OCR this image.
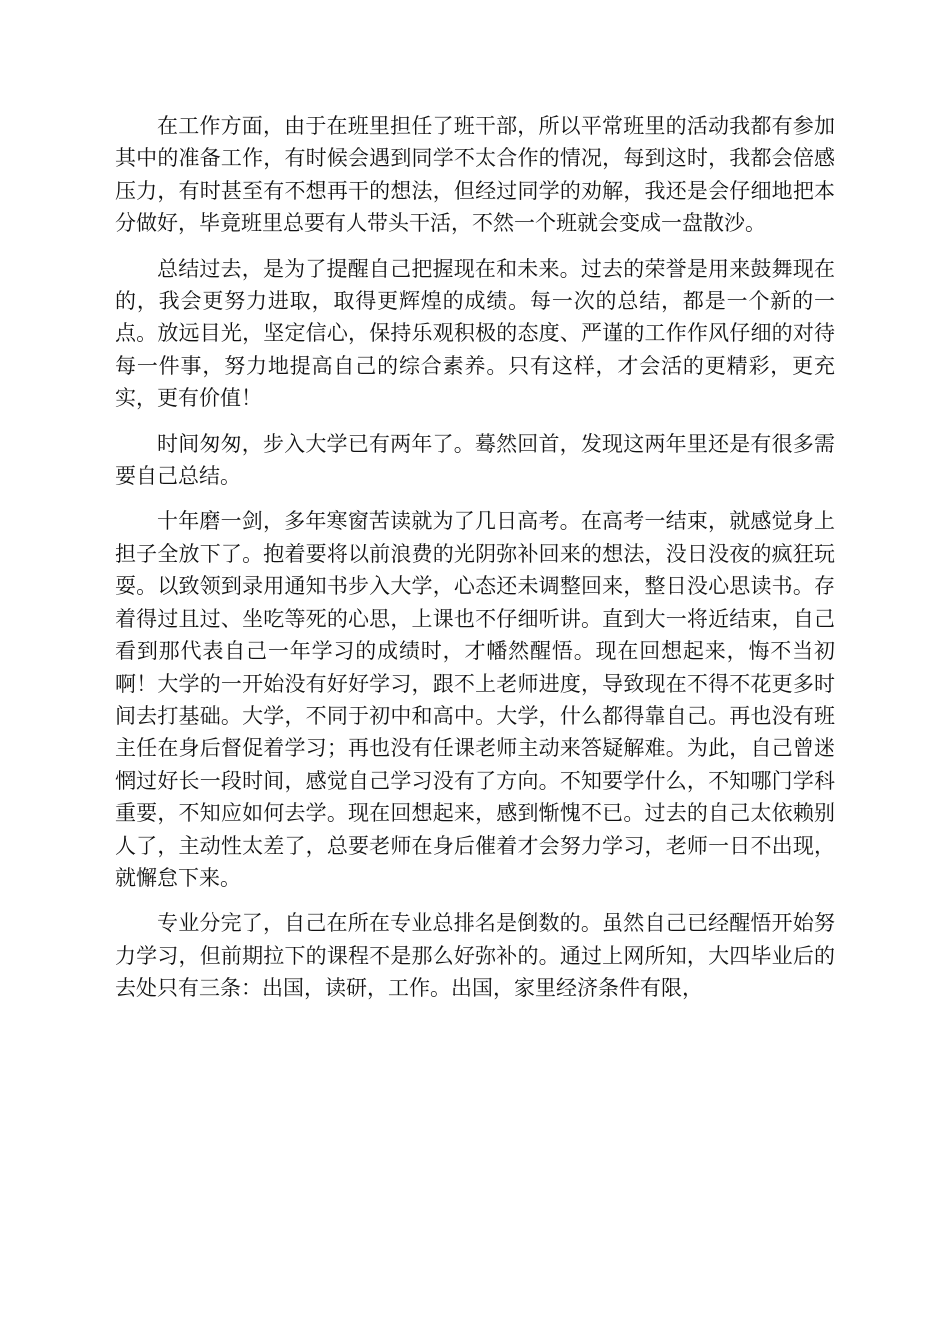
在工作方面，由于在班里担任了班干部，所以平常班里的活动我都有参加其中的准备工作，有时候会遇到同学不太合作的情况，每到这时，我都会倍感压力，有时甚至有不想再干的想法，但经过同学的劝解，我还是会仔细地把本分做好，毕竟班里总要有人带头干活，不然一个班就会变成一盘散沙。

总结过去，是为了提醒自己把握现在和未来。过去的荣誉是用来鼓舞现在的，我会更努力进取，取得更辉煌的成绩。每一次的总结，都是一个新的一点。放远目光，坚定信心，保持乐观积极的态度、严谨的工作作风仔细的对待每一件事，努力地提高自己的综合素养。只有这样，才会活的更精彩，更充实，更有价值！

时间匆匆，步入大学已有两年了。蓦然回首，发现这两年里还是有很多需要自己总结。

十年磨一剑，多年寒窗苦读就为了几日高考。在高考一结束，就感觉身上担子全放下了。抱着要将以前浪费的光阴弥补回来的想法，没日没夜的疯狂玩耍。以致领到录用通知书步入大学，心态还未调整回来，整日没心思读书。存着得过且过、坐吃等死的心思，上课也不仔细听讲。直到大一将近结束，自己看到那代表自己一年学习的成绩时，才幡然醒悟。现在回想起来，悔不当初啊！大学的一开始没有好好学习，跟不上老师进度，导致现在不得不花更多时间去打基础。大学，不同于初中和高中。大学，什么都得靠自己。再也没有班主任在身后督促着学习；再也没有任课老师主动来答疑解难。为此，自己曾迷惘过好长一段时间，感觉自己学习没有了方向。不知要学什么，不知哪门学科重要，不知应如何去学。现在回想起来，感到惭愧不已。过去的自己太依赖别人了，主动性太差了，总要老师在身后催着才会努力学习，老师一日不出现，就懈怠下来。

专业分完了，自己在所在专业总排名是倒数的。虽然自己已经醒悟开始努力学习，但前期拉下的课程不是那么好弥补的。通过上网所知，大四毕业后的去处只有三条：出国，读研，工作。出国，家里经济条件有限，
